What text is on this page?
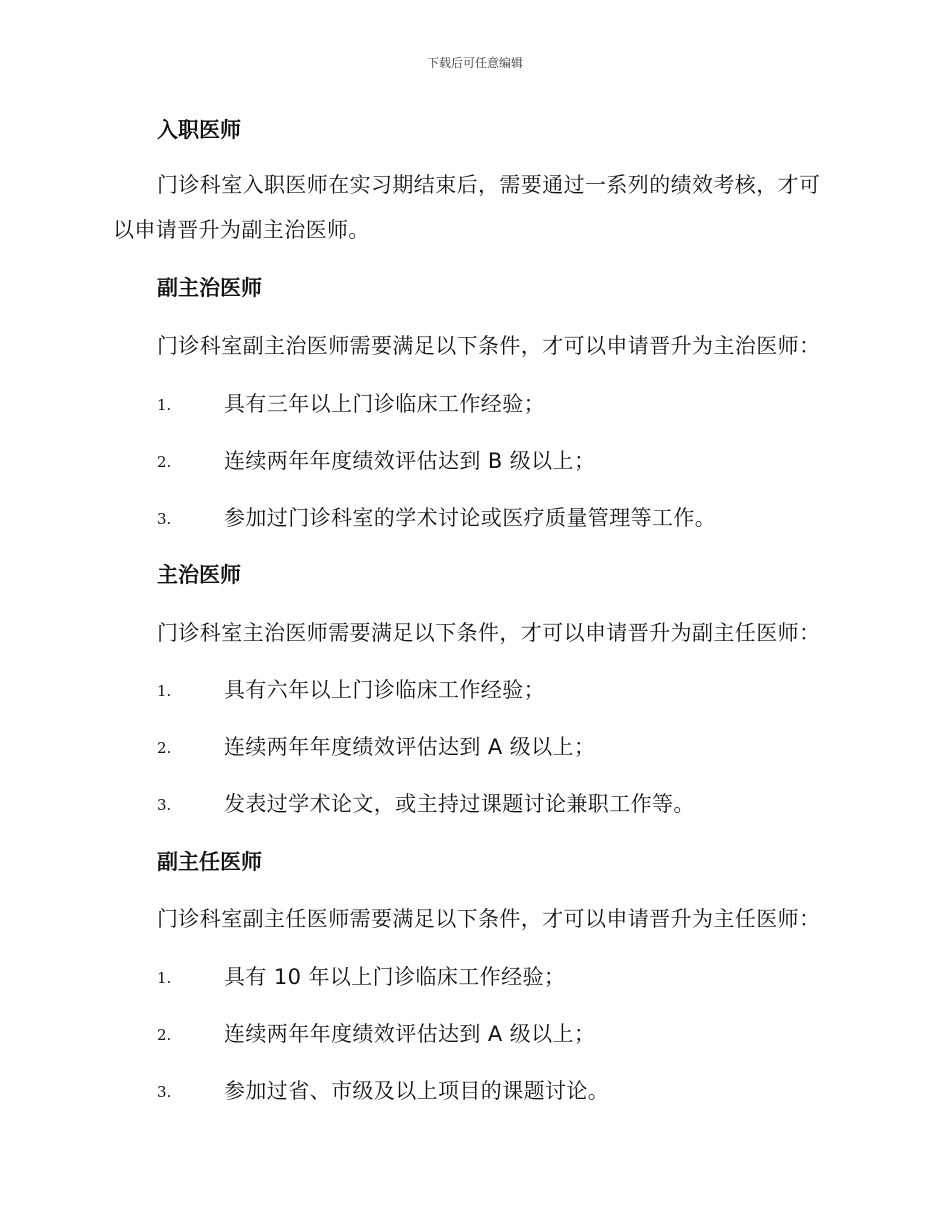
下载后可任意编辑
入职医师
门诊科室入职医师在实习期结束后，需要通过一系列的绩效考核，才可以申请晋升为副主治医师。
副主治医师
门诊科室副主治医师需要满足以下条件，才可以申请晋升为主治医师：
1.	具有三年以上门诊临床工作经验；
2.	连续两年年度绩效评估达到 B 级以上；
3.	参加过门诊科室的学术讨论或医疗质量管理等工作。
主治医师
门诊科室主治医师需要满足以下条件，才可以申请晋升为副主任医师：
1.	具有六年以上门诊临床工作经验；
2.	连续两年年度绩效评估达到 A 级以上；
3.	发表过学术论文，或主持过课题讨论兼职工作等。
副主任医师
门诊科室副主任医师需要满足以下条件，才可以申请晋升为主任医师：
1.	具有 10 年以上门诊临床工作经验；
2.	连续两年年度绩效评估达到 A 级以上；
3.	参加过省、市级及以上项目的课题讨论。
